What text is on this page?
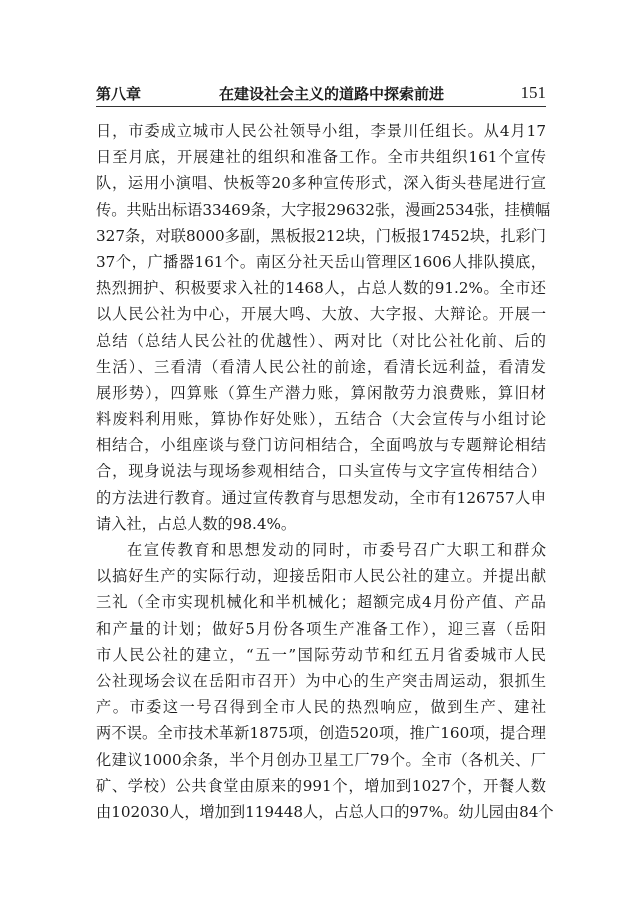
第八章	在建设社会主义的道路中探索前进	151
日，市委成立城市人民公社领导小组，李景川任组长。从4月17
日至月底，开展建社的组织和准备工作。全市共组织161个宣传
队，运用小演唱、快板等20多种宣传形式，深入街头巷尾进行宣
传。共贴出标语33469条，大字报29632张，漫画2534张，挂横幅
327条，对联8000多副，黑板报212块，门板报17452块，扎彩门
37个，广播器161个。南区分社天岳山管理区1606人排队摸底，
热烈拥护、积极要求入社的1468人，占总人数的91.2%。全市还
以人民公社为中心，开展大鸣、大放、大字报、大辩论。开展一
总结（总结人民公社的优越性）、两对比（对比公社化前、后的
生活）、三看清（看清人民公社的前途，看清长远利益，看清发
展形势），四算账（算生产潜力账，算闲散劳力浪费账，算旧材
料废料利用账，算协作好处账），五结合（大会宣传与小组讨论
相结合，小组座谈与登门访问相结合，全面鸣放与专题辩论相结
合，现身说法与现场参观相结合，口头宣传与文字宣传相结合）
的方法进行教育。通过宣传教育与思想发动，全市有126757人申
请入社，占总人数的98.4%。
在宣传教育和思想发动的同时，市委号召广大职工和群众
以搞好生产的实际行动，迎接岳阳市人民公社的建立。并提出献
三礼（全市实现机械化和半机械化；超额完成4月份产值、产品
和产量的计划；做好5月份各项生产准备工作），迎三喜（岳阳
市人民公社的建立，“五一”国际劳动节和红五月省委城市人民
公社现场会议在岳阳市召开）为中心的生产突击周运动，狠抓生
产。市委这一号召得到全市人民的热烈响应，做到生产、建社
两不误。全市技术革新1875项，创造520项，推广160项，提合理
化建议1000余条，半个月创办卫星工厂79个。全市（各机关、厂
矿、学校）公共食堂由原来的991个，增加到1027个，开餐人数
由102030人，增加到119448人，占总人口的97%。幼儿园由84个
